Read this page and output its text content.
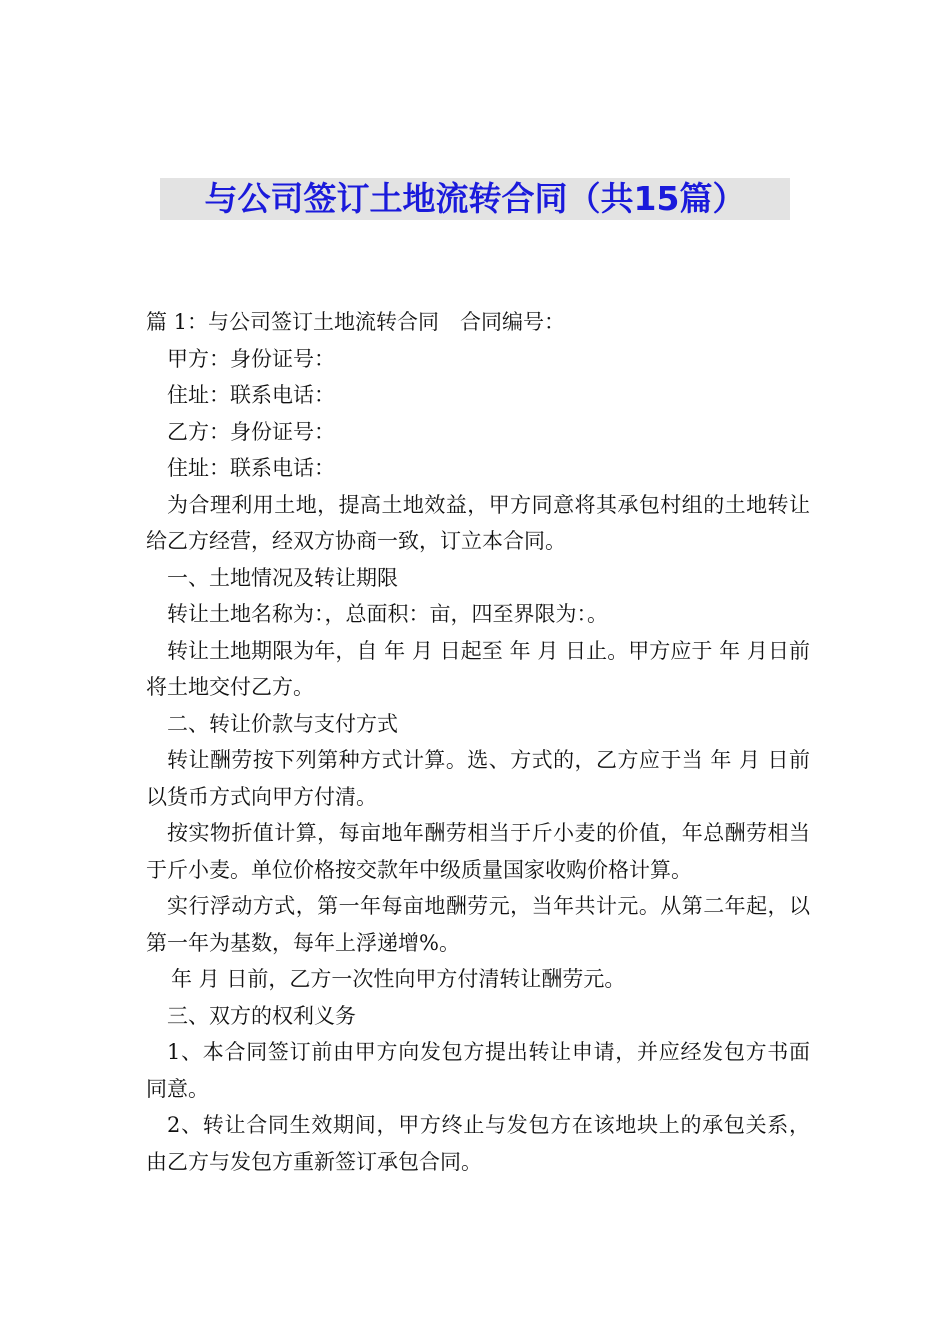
与公司签订土地流转合同（共15篇）

篇 1：与公司签订土地流转合同　合同编号：

甲方：身份证号：

住址：联系电话：

乙方：身份证号：

住址：联系电话：

为合理利用土地，提高土地效益，甲方同意将其承包村组的土地转让给乙方经营，经双方协商一致，订立本合同。

一、土地情况及转让期限

转让土地名称为：，总面积：亩，四至界限为：。

转让土地期限为年，自 年 月 日起至 年 月 日止。甲方应于 年 月日前将土地交付乙方。

二、转让价款与支付方式

转让酬劳按下列第种方式计算。选、方式的，乙方应于当 年 月 日前以货币方式向甲方付清。

按实物折值计算，每亩地年酬劳相当于斤小麦的价值，年总酬劳相当于斤小麦。单位价格按交款年中级质量国家收购价格计算。

实行浮动方式，第一年每亩地酬劳元，当年共计元。从第二年起，以第一年为基数，每年上浮递增%。

年 月 日前，乙方一次性向甲方付清转让酬劳元。

三、双方的权利义务

1、本合同签订前由甲方向发包方提出转让申请，并应经发包方书面同意。

2、转让合同生效期间，甲方终止与发包方在该地块上的承包关系，由乙方与发包方重新签订承包合同。
